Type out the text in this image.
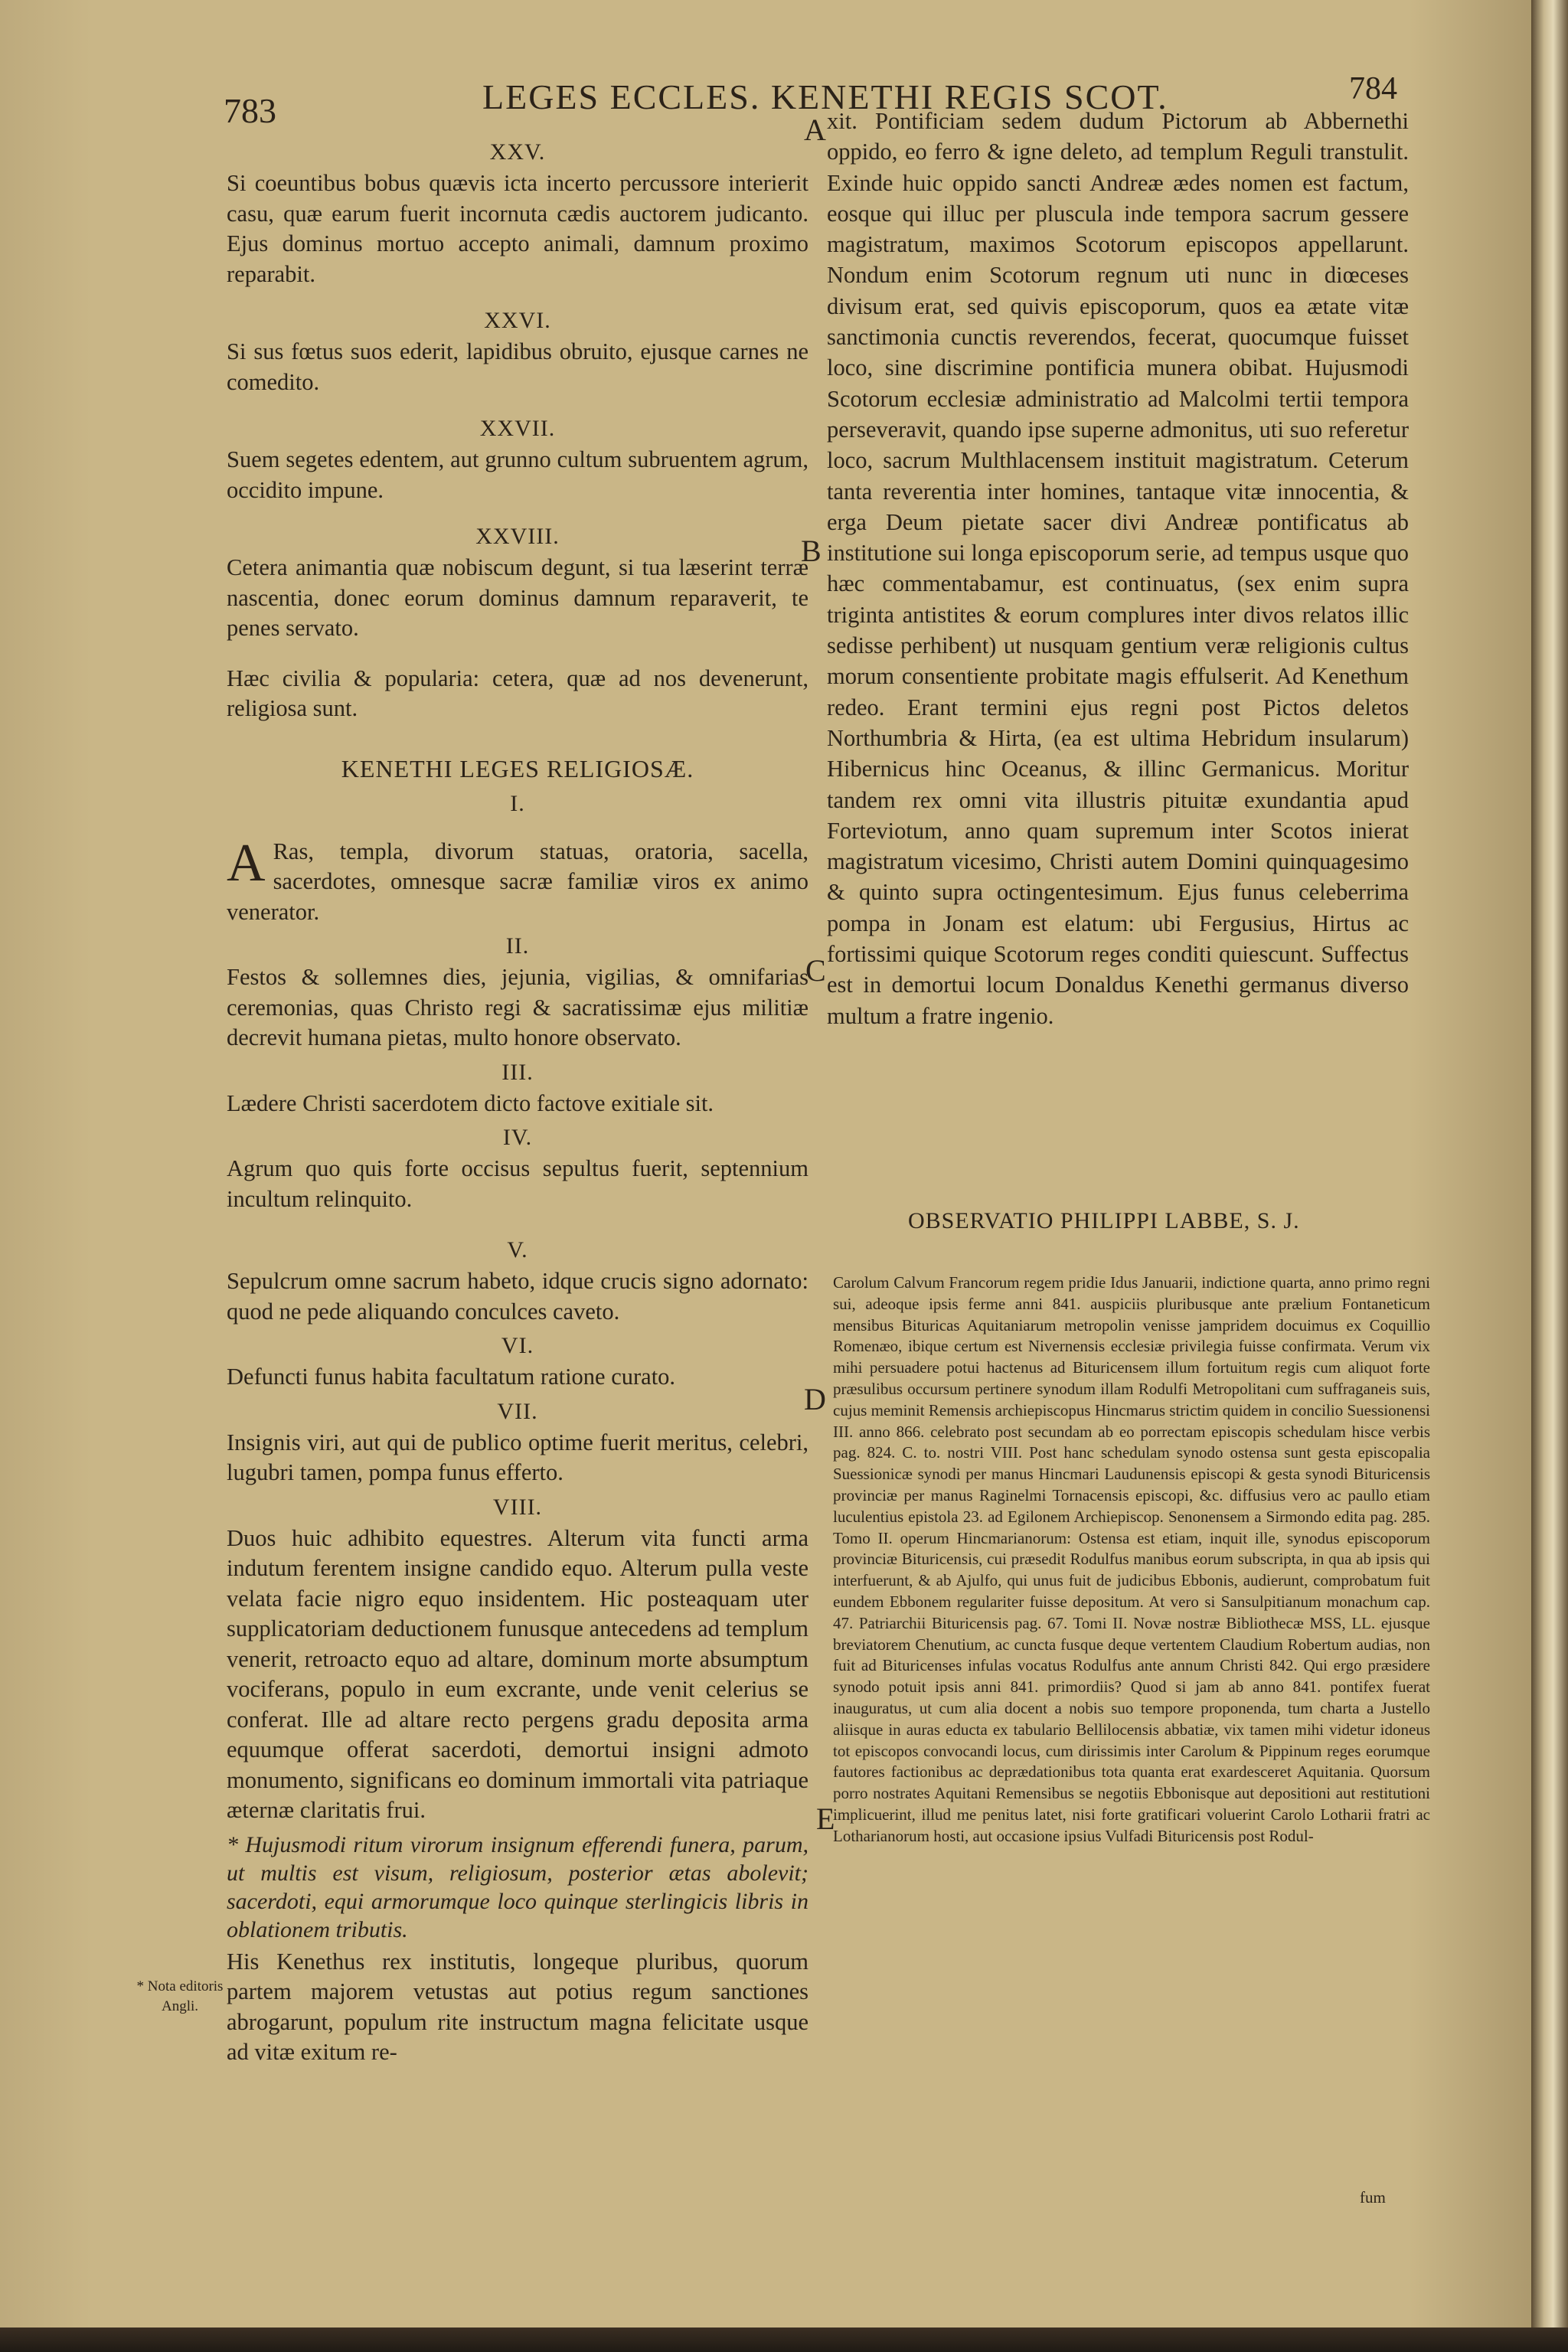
783	LEGES ECCLES. KENETHI REGIS SCOT.	784
A
B
C
D
E

XXV.

Si coeuntibus bobus quævis icta incerto percussore interierit casu, quæ earum fuerit incornuta cædis auctorem judicanto. Ejus dominus mortuo accepto animali, damnum proximo reparabit.

XXVI.

Si sus fœtus suos ederit, lapidibus obruito, ejusque carnes ne comedito.

XXVII.

Suem segetes edentem, aut grunno cultum subruentem agrum, occidito impune.

XXVIII.

Cetera animantia quæ nobiscum degunt, si tua læserint terræ nascentia, donec eorum dominus damnum reparaverit, te penes servato.

Hæc civilia & popularia: cetera, quæ ad nos devenerunt, religiosa sunt.

KENETHI LEGES RELIGIOSÆ.

I.

A Ras, templa, divorum statuas, oratoria, sacella, sacerdotes, omnesque sacræ familiæ viros ex animo venerator.

II.

Festos & sollemnes dies, jejunia, vigilias, & omnifarias ceremonias, quas Christo regi & sacratissimæ ejus militiæ decrevit humana pietas, multo honore observato.

III.

Lædere Christi sacerdotem dicto factove exitiale sit.

IV.

Agrum quo quis forte occisus sepultus fuerit, septennium incultum relinquito.

V.

Sepulcrum omne sacrum habeto, idque crucis signo adornato: quod ne pede aliquando conculces caveto.

VI.

Defuncti funus habita facultatum ratione curato.

VII.

Insignis viri, aut qui de publico optime fuerit meritus, celebri, lugubri tamen, pompa funus efferto.

VIII.

Duos huic adhibito equestres. Alterum vita functi arma indutum ferentem insigne candido equo. Alterum pulla veste velata facie nigro equo insidentem. Hic posteaquam uter supplicatoriam deductionem funusque antecedens ad templum venerit, retroacto equo ad altare, dominum morte absumptum vociferans, populo in eum excrante, unde venit celerius se conferat. Ille ad altare recto pergens gradu deposita arma equumque offerat sacerdoti, demortui insigni admoto monumento, significans eo dominum immortali vita patriaque æternæ claritatis frui.

* Hujusmodi ritum virorum insignum efferendi funera, parum, ut multis est visum, religiosum, posterior ætas abolevit; sacerdoti, equi armorumque loco quinque sterlingicis libris in oblationem tributis.

His Kenethus rex institutis, longeque pluribus, quorum partem majorem vetustas aut potius regum sanctiones abrogarunt, populum rite instructum magna felicitate usque ad vitæ exitum re-

* Nota editoris Angli.

xit. Pontificiam sedem dudum Pictorum ab Abbernethi oppido, eo ferro & igne deleto, ad templum Reguli transtulit. Exinde huic oppido sancti Andreæ ædes nomen est factum, eosque qui illuc per pluscula inde tempora sacrum gessere magistratum, maximos Scotorum episcopos appellarunt. Nondum enim Scotorum regnum uti nunc in diœceses divisum erat, sed quivis episcoporum, quos ea ætate vitæ sanctimonia cunctis reverendos, fecerat, quocumque fuisset loco, sine discrimine pontificia munera obibat. Hujusmodi Scotorum ecclesiæ administratio ad Malcolmi tertii tempora perseveravit, quando ipse superne admonitus, uti suo referetur loco, sacrum Multhlacensem instituit magistratum. Ceterum tanta reverentia inter homines, tantaque vitæ innocentia, & erga Deum pietate sacer divi Andreæ pontificatus ab institutione sui longa episcoporum serie, ad tempus usque quo hæc commentabamur, est continuatus, (sex enim supra triginta antistites & eorum complures inter divos relatos illic sedisse perhibent) ut nusquam gentium veræ religionis cultus morum consentiente probitate magis effulserit. Ad Kenethum redeo. Erant termini ejus regni post Pictos deletos Northumbria & Hirta, (ea est ultima Hebridum insularum) Hibernicus hinc Oceanus, & illinc Germanicus. Moritur tandem rex omni vita illustris pituitæ exundantia apud Forteviotum, anno quam supremum inter Scotos inierat magistratum vicesimo, Christi autem Domini quinquagesimo & quinto supra octingentesimum. Ejus funus celeberrima pompa in Jonam est elatum: ubi Fergusius, Hirtus ac fortissimi quique Scotorum reges conditi quiescunt. Suffectus est in demortui locum Donaldus Kenethi germanus diverso multum a fratre ingenio.

OBSERVATIO PHILIPPI LABBE, S. J.

Carolum Calvum Francorum regem pridie Idus Januarii, indictione quarta, anno primo regni sui, adeoque ipsis ferme anni 841. auspiciis pluribusque ante prælium Fontaneticum mensibus Bituricas Aquitaniarum metropolin venisse jampridem docuimus ex Coquillio Romenæo, ibique certum est Nivernensis ecclesiæ privilegia fuisse confirmata. Verum vix mihi persuadere potui hactenus ad Bituricensem illum fortuitum regis cum aliquot forte præsulibus occursum pertinere synodum illam Rodulfi Metropolitani cum suffraganeis suis, cujus meminit Remensis archiepiscopus Hincmarus strictim quidem in concilio Suessionensi III. anno 866. celebrato post secundam ab eo porrectam episcopis schedulam hisce verbis pag. 824. C. to. nostri VIII. Post hanc schedulam synodo ostensa sunt gesta episcopalia Suessionicæ synodi per manus Hincmari Laudunensis episcopi & gesta synodi Bituricensis provinciæ per manus Raginelmi Tornacensis episcopi, &c. diffusius vero ac paullo etiam luculentius epistola 23. ad Egilonem Archiepiscop. Senonensem a Sirmondo edita pag. 285. Tomo II. operum Hincmarianorum: Ostensa est etiam, inquit ille, synodus episcoporum provinciæ Bituricensis, cui præsedit Rodulfus manibus eorum subscripta, in qua ab ipsis qui interfuerunt, & ab Ajulfo, qui unus fuit de judicibus Ebbonis, audierunt, comprobatum fuit eundem Ebbonem regulariter fuisse depositum. At vero si Sansulpitianum monachum cap. 47. Patriarchii Bituricensis pag. 67. Tomi II. Novæ nostræ Bibliothecæ MSS, LL. ejusque breviatorem Chenutium, ac cuncta fusque deque vertentem Claudium Robertum audias, non fuit ad Bituricenses infulas vocatus Rodulfus ante annum Christi 842. Qui ergo præsidere synodo potuit ipsis anni 841. primordiis? Quod si jam ab anno 841. pontifex fuerat inauguratus, ut cum alia docent a nobis suo tempore proponenda, tum charta a Justello aliisque in auras educta ex tabulario Bellilocensis abbatiæ, vix tamen mihi videtur idoneus tot episcopos convocandi locus, cum dirissimis inter Carolum & Pippinum reges eorumque fautores factionibus ac deprædationibus tota quanta erat exardesceret Aquitania. Quorsum porro nostrates Aquitani Remensibus se negotiis Ebbonisque aut depositioni aut restitutioni implicuerint, illud me penitus latet, nisi forte gratificari voluerint Carolo Lotharii fratri ac Lotharianorum hosti, aut occasione ipsius Vulfadi Bituricensis post Rodul-

fum
